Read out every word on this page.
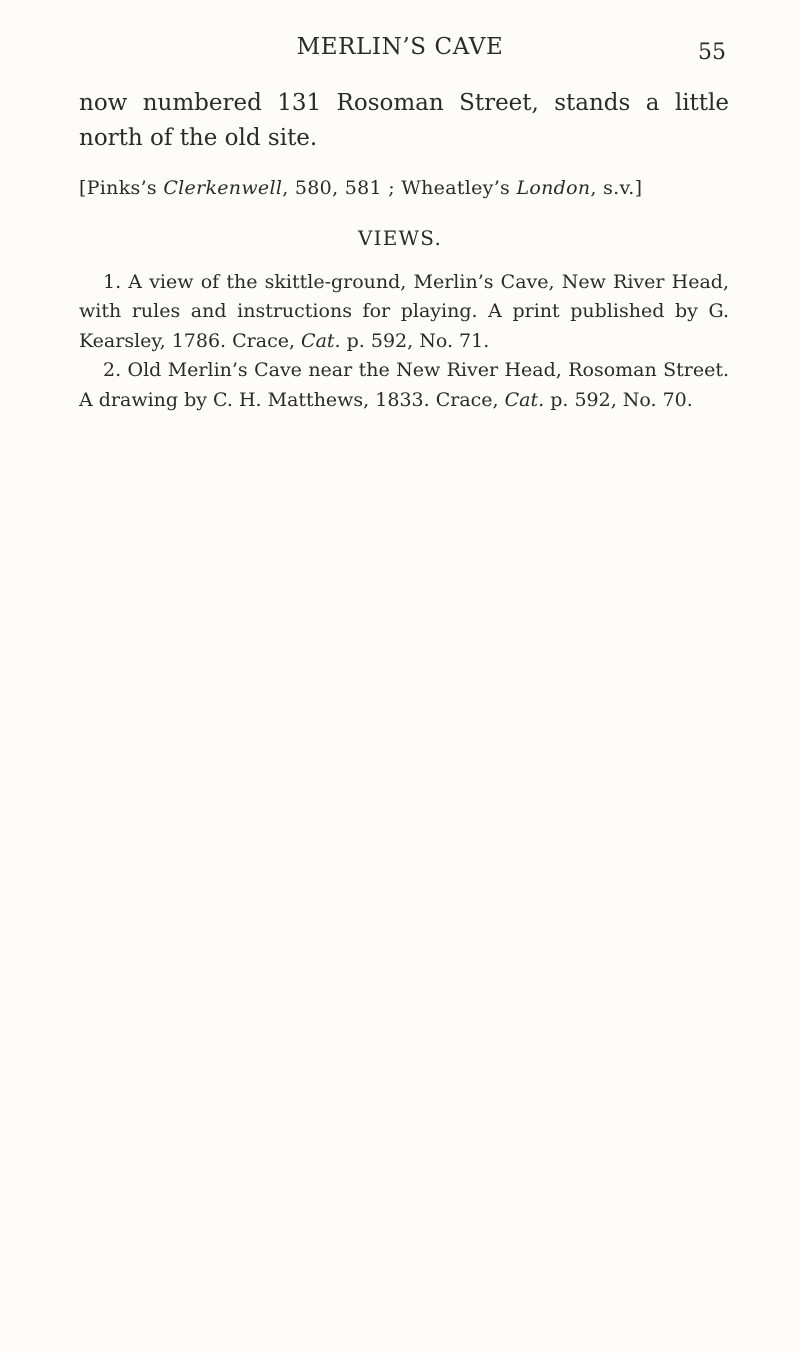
MERLIN’S CAVE	55

now numbered 131 Rosoman Street, stands a little north of the old site.

[Pinks’s Clerkenwell, 580, 581 ; Wheatley’s London, s.v.]

VIEWS.

1. A view of the skittle-ground, Merlin’s Cave, New River Head, with rules and instructions for playing. A print published by G. Kearsley, 1786. Crace, Cat. p. 592, No. 71.

2. Old Merlin’s Cave near the New River Head, Rosoman Street. A drawing by C. H. Matthews, 1833. Crace, Cat. p. 592, No. 70.
